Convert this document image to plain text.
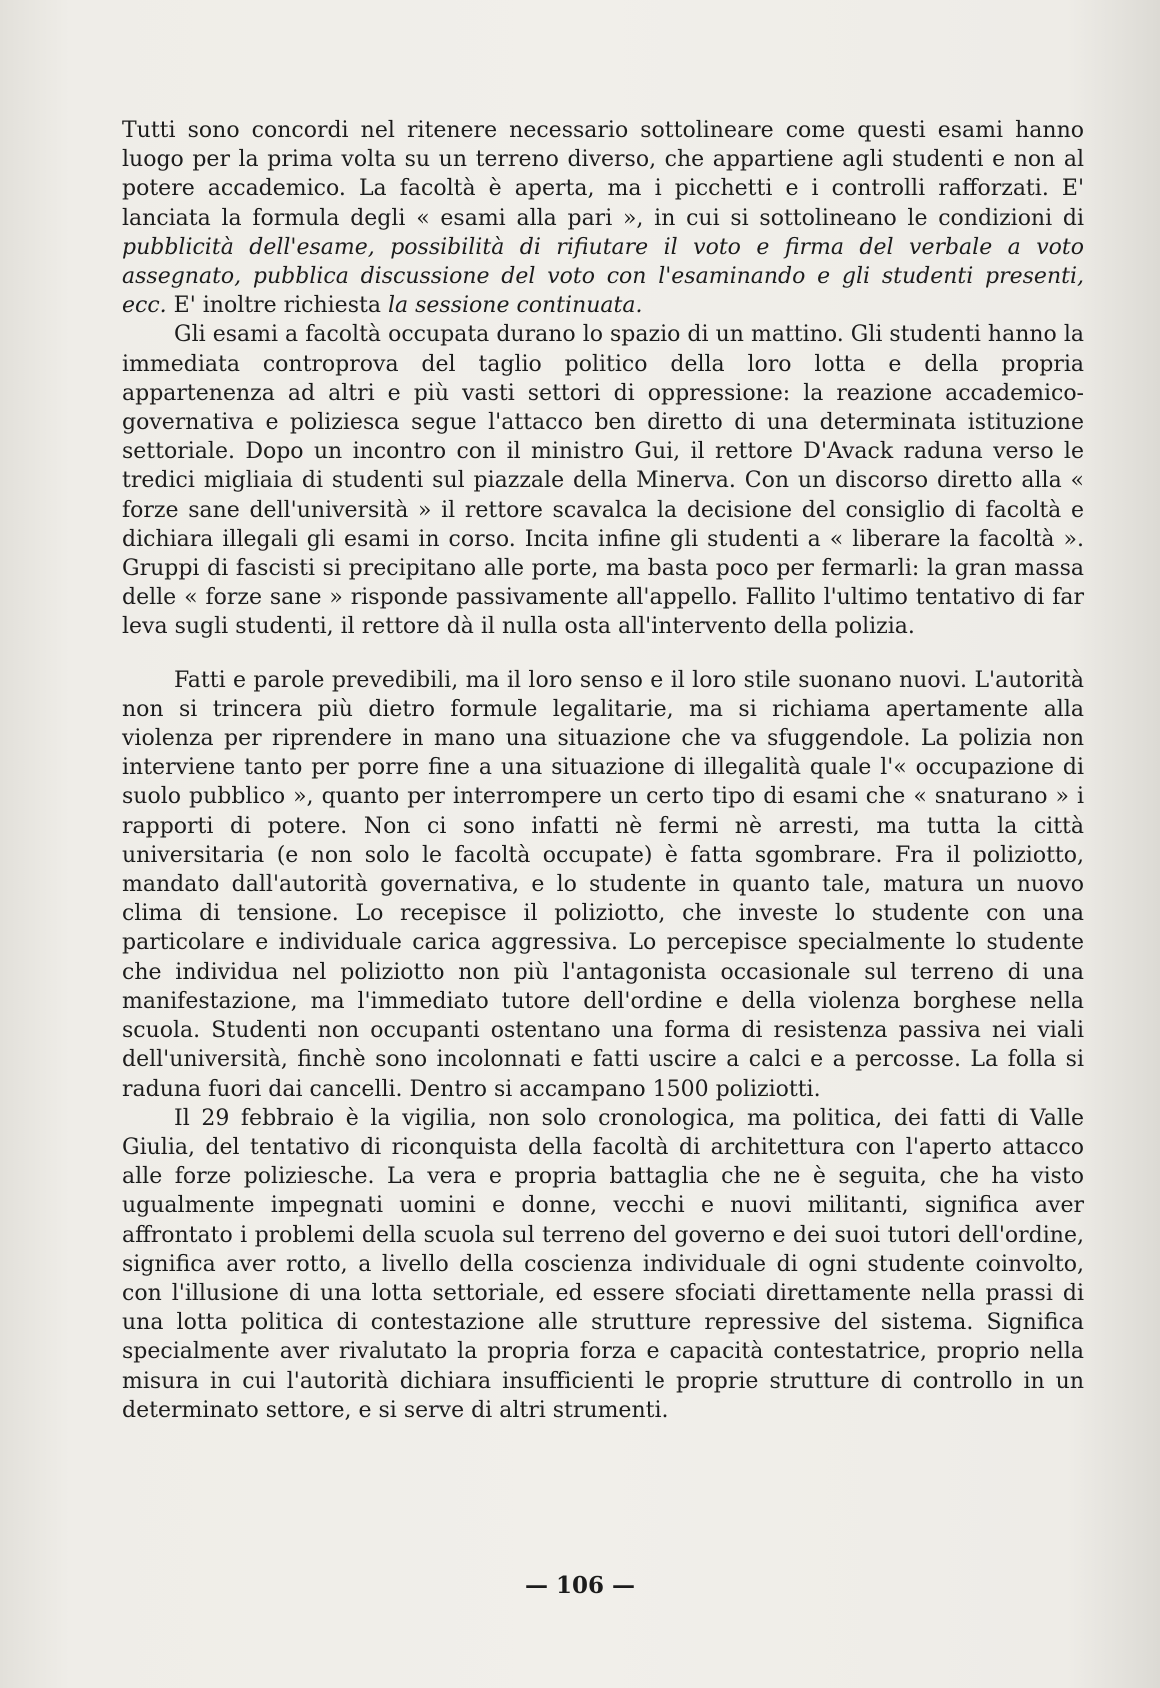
Tutti sono concordi nel ritenere necessario sottolineare come questi esami hanno luogo per la prima volta su un terreno diverso, che appartiene agli studenti e non al potere accademico. La facoltà è aperta, ma i picchetti e i controlli rafforzati. E' lanciata la formula degli « esami alla pari », in cui si sottolineano le condizioni di pubblicità dell'esame, possibilità di rifiutare il voto e firma del verbale a voto assegnato, pubblica discussione del voto con l'esaminando e gli studenti presenti, ecc. E' inoltre richiesta la sessione continuata.

Gli esami a facoltà occupata durano lo spazio di un mattino. Gli studenti hanno la immediata controprova del taglio politico della loro lotta e della propria appartenenza ad altri e più vasti settori di oppressione: la reazione accademico-governativa e poliziesca segue l'attacco ben diretto di una determinata istituzione settoriale. Dopo un incontro con il ministro Gui, il rettore D'Avack raduna verso le tredici migliaia di studenti sul piazzale della Minerva. Con un discorso diretto alla « forze sane dell'università » il rettore scavalca la decisione del consiglio di facoltà e dichiara illegali gli esami in corso. Incita infine gli studenti a « liberare la facoltà ». Gruppi di fascisti si precipitano alle porte, ma basta poco per fermarli: la gran massa delle « forze sane » risponde passivamente all'appello. Fallito l'ultimo tentativo di far leva sugli studenti, il rettore dà il nulla osta all'intervento della polizia.

Fatti e parole prevedibili, ma il loro senso e il loro stile suonano nuovi. L'autorità non si trincera più dietro formule legalitarie, ma si richiama apertamente alla violenza per riprendere in mano una situazione che va sfuggendole. La polizia non interviene tanto per porre fine a una situazione di illegalità quale l'« occupazione di suolo pubblico », quanto per interrompere un certo tipo di esami che « snaturano » i rapporti di potere. Non ci sono infatti nè fermi nè arresti, ma tutta la città universitaria (e non solo le facoltà occupate) è fatta sgombrare. Fra il poliziotto, mandato dall'autorità governativa, e lo studente in quanto tale, matura un nuovo clima di tensione. Lo recepisce il poliziotto, che investe lo studente con una particolare e individuale carica aggressiva. Lo percepisce specialmente lo studente che individua nel poliziotto non più l'antagonista occasionale sul terreno di una manifestazione, ma l'immediato tutore dell'ordine e della violenza borghese nella scuola. Studenti non occupanti ostentano una forma di resistenza passiva nei viali dell'università, finchè sono incolonnati e fatti uscire a calci e a percosse. La folla si raduna fuori dai cancelli. Dentro si accampano 1500 poliziotti.

Il 29 febbraio è la vigilia, non solo cronologica, ma politica, dei fatti di Valle Giulia, del tentativo di riconquista della facoltà di architettura con l'aperto attacco alle forze poliziesche. La vera e propria battaglia che ne è seguita, che ha visto ugualmente impegnati uomini e donne, vecchi e nuovi militanti, significa aver affrontato i problemi della scuola sul terreno del governo e dei suoi tutori dell'ordine, significa aver rotto, a livello della coscienza individuale di ogni studente coinvolto, con l'illusione di una lotta settoriale, ed essere sfociati direttamente nella prassi di una lotta politica di contestazione alle strutture repressive del sistema. Significa specialmente aver rivalutato la propria forza e capacità contestatrice, proprio nella misura in cui l'autorità dichiara insufficienti le proprie strutture di controllo in un determinato settore, e si serve di altri strumenti.

— 106 —
